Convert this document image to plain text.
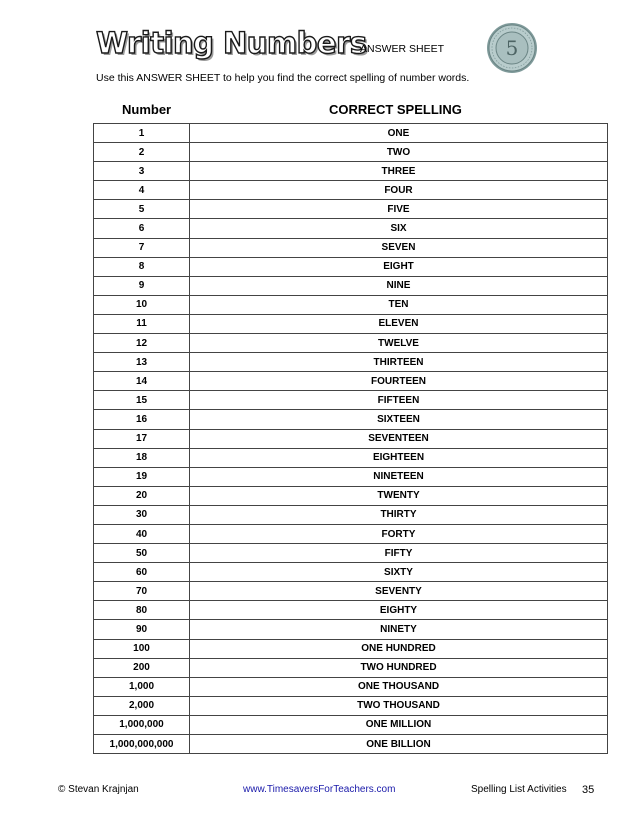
Writing Numbers
ANSWER SHEET	5
Use this ANSWER SHEET to help you find the correct spelling of number words.
Number	CORRECT SPELLING
1	ONE
2	TWO
3	THREE
4	FOUR
5	FIVE
6	SIX
7	SEVEN
8	EIGHT
9	NINE
10	TEN
11	ELEVEN
12	TWELVE
13	THIRTEEN
14	FOURTEEN
15	FIFTEEN
16	SIXTEEN
17	SEVENTEEN
18	EIGHTEEN
19	NINETEEN
20	TWENTY
30	THIRTY
40	FORTY
50	FIFTY
60	SIXTY
70	SEVENTY
80	EIGHTY
90	NINETY
100	ONE HUNDRED
200	TWO HUNDRED
1,000	ONE THOUSAND
2,000	TWO THOUSAND
1,000,000	ONE MILLION
1,000,000,000	ONE BILLION
© Stevan Krajnjan	www.TimesaversForTeachers.com	Spelling List Activities 35
